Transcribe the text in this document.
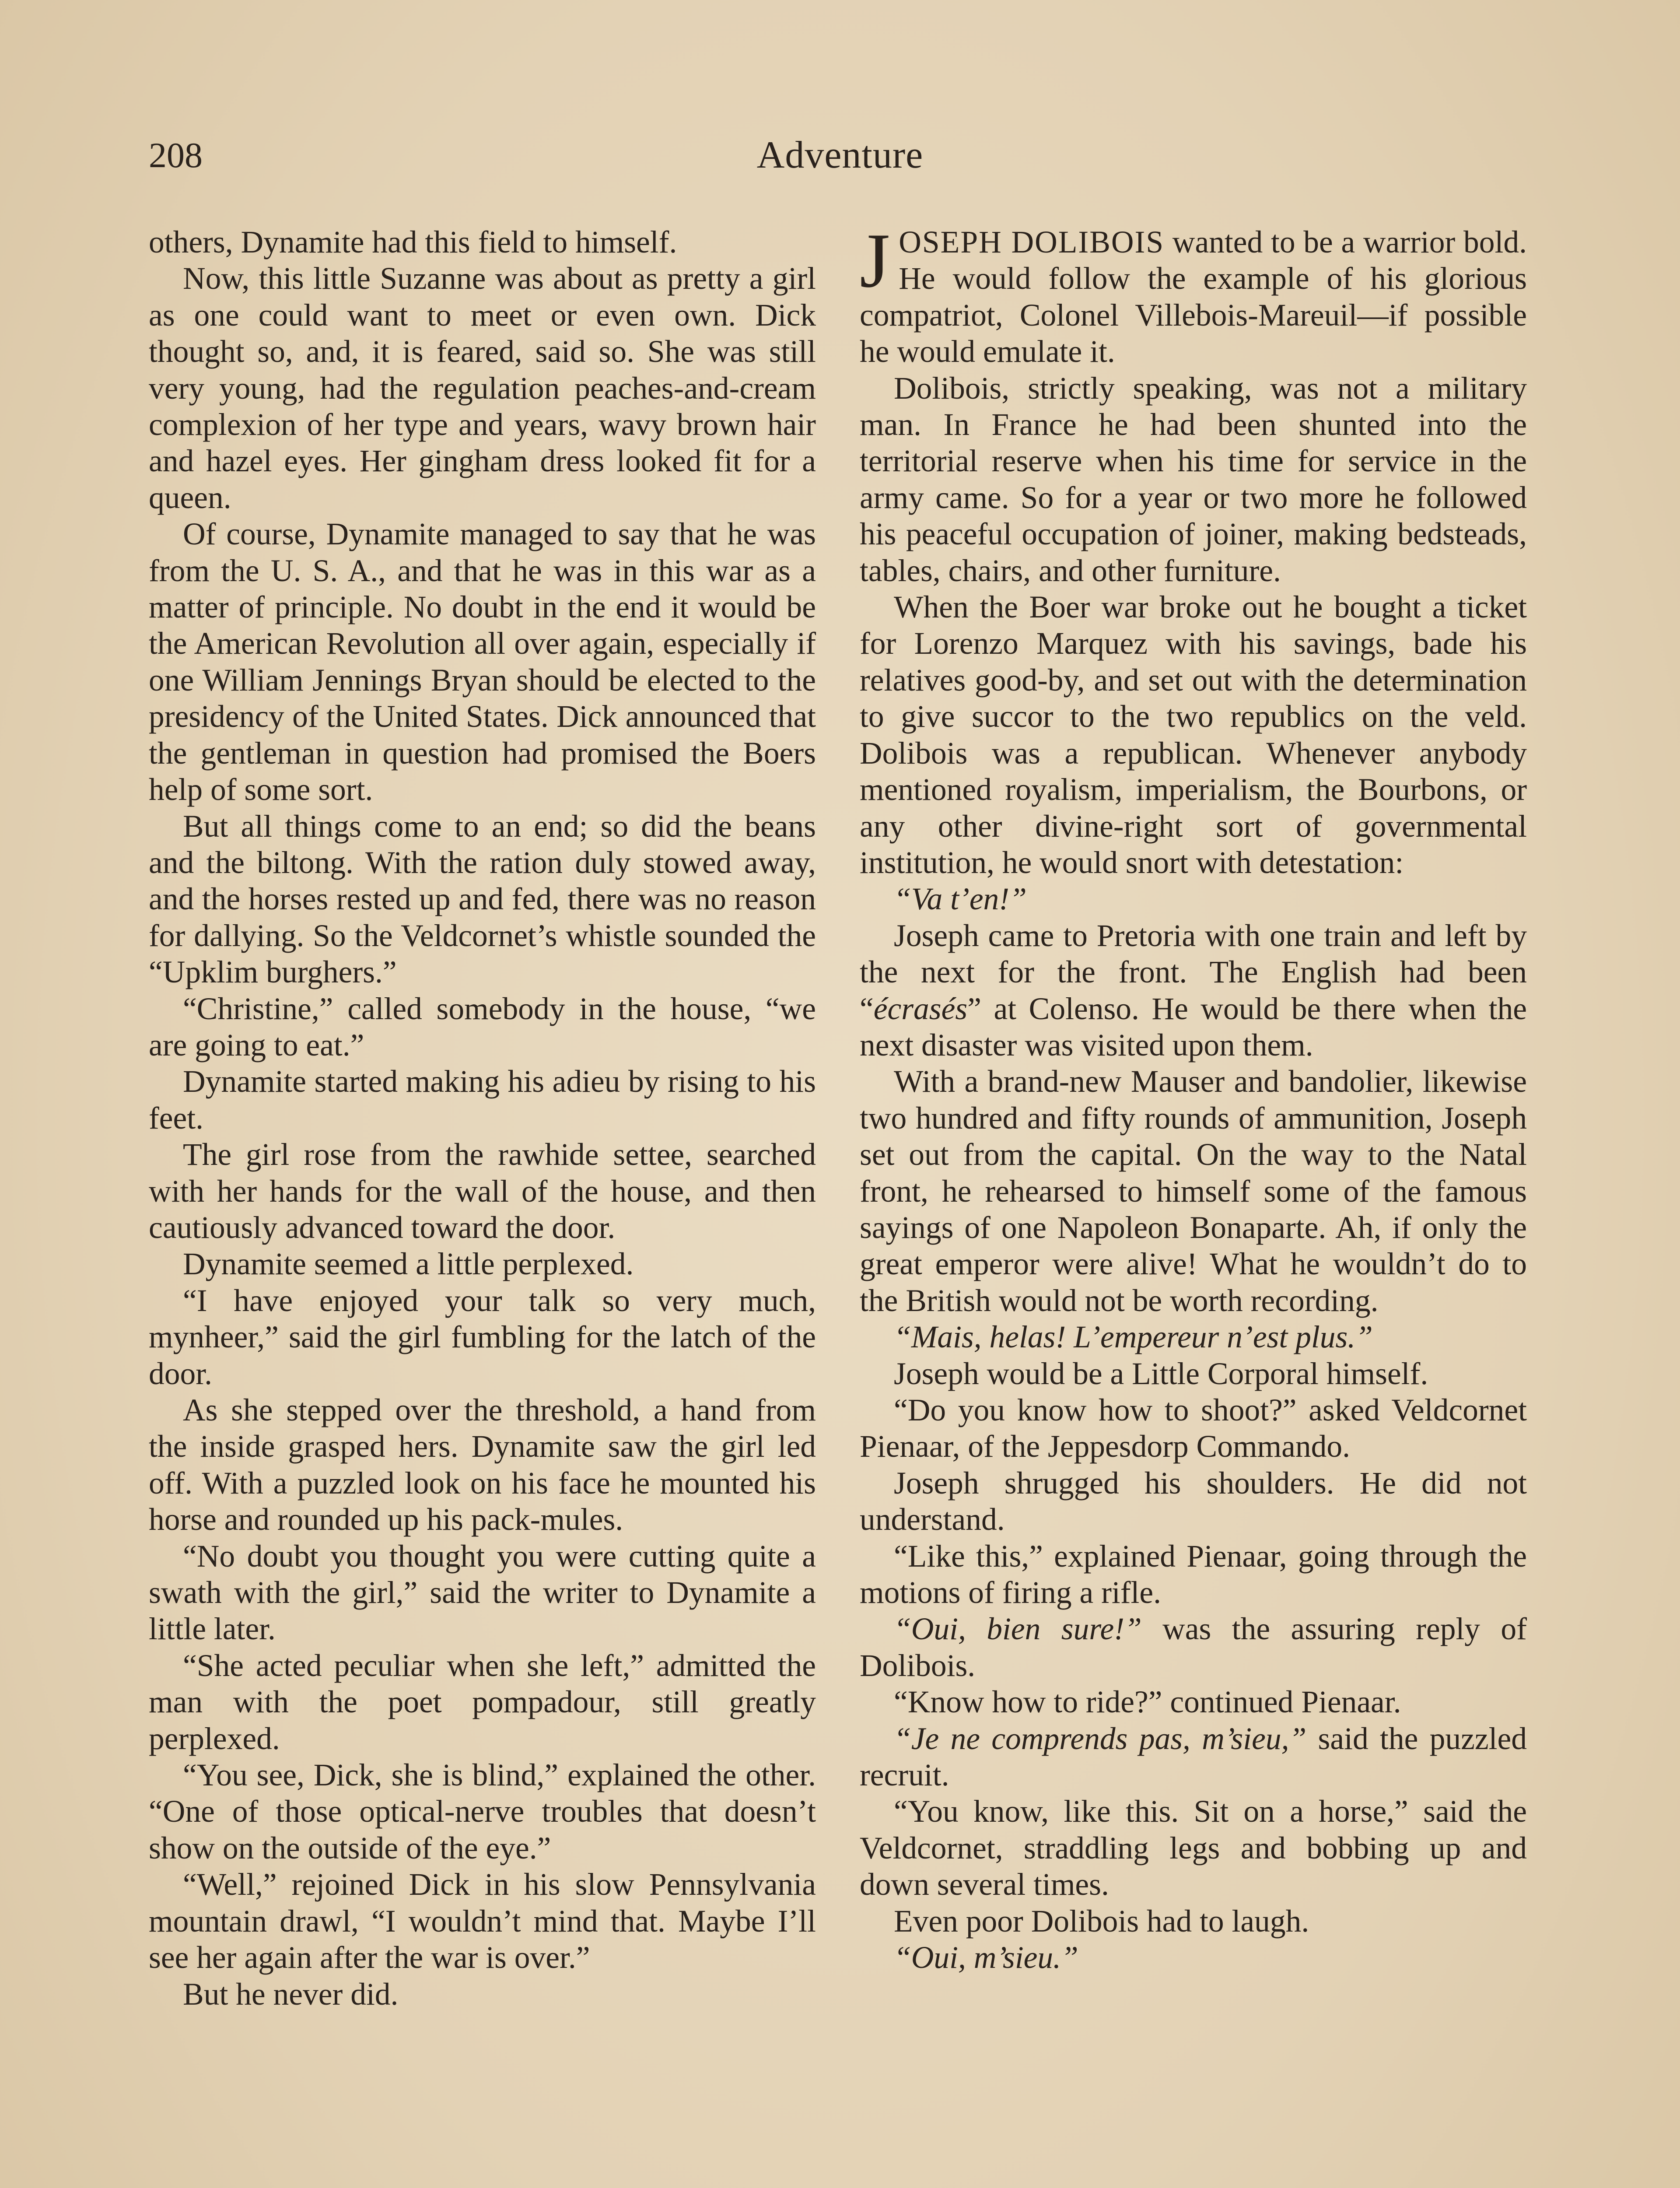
208	Adventure

others, Dynamite had this field to himself.

Now, this little Suzanne was about as pretty a girl as one could want to meet or even own. Dick thought so, and, it is feared, said so. She was still very young, had the regulation peaches-and-cream complexion of her type and years, wavy brown hair and hazel eyes. Her gingham dress looked fit for a queen.

Of course, Dynamite managed to say that he was from the U. S. A., and that he was in this war as a matter of principle. No doubt in the end it would be the American Revolution all over again, especially if one William Jennings Bryan should be elected to the presidency of the United States. Dick announced that the gentleman in question had promised the Boers help of some sort.

But all things come to an end; so did the beans and the biltong. With the ration duly stowed away, and the horses rested up and fed, there was no reason for dallying. So the Veldcornet’s whistle sounded the “Upklim burghers.”

“Christine,” called somebody in the house, “we are going to eat.”

Dynamite started making his adieu by rising to his feet.

The girl rose from the rawhide settee, searched with her hands for the wall of the house, and then cautiously advanced toward the door.

Dynamite seemed a little perplexed.

“I have enjoyed your talk so very much, mynheer,” said the girl fumbling for the latch of the door.

As she stepped over the threshold, a hand from the inside grasped hers. Dynamite saw the girl led off. With a puzzled look on his face he mounted his horse and rounded up his pack-mules.

“No doubt you thought you were cutting quite a swath with the girl,” said the writer to Dynamite a little later.

“She acted peculiar when she left,” admitted the man with the poet pompadour, still greatly perplexed.

“You see, Dick, she is blind,” explained the other. “One of those optical-nerve troubles that doesn’t show on the outside of the eye.”

“Well,” rejoined Dick in his slow Pennsylvania mountain drawl, “I wouldn’t mind that. Maybe I’ll see her again after the war is over.”

But he never did.

JOSEPH DOLIBOIS wanted to be a warrior bold. He would follow the example of his glorious compatriot, Colonel Villebois-Mareuil—if possible he would emulate it.

Dolibois, strictly speaking, was not a military man. In France he had been shunted into the territorial reserve when his time for service in the army came. So for a year or two more he followed his peaceful occupation of joiner, making bedsteads, tables, chairs, and other furniture.

When the Boer war broke out he bought a ticket for Lorenzo Marquez with his savings, bade his relatives good-by, and set out with the determination to give succor to the two republics on the veld. Dolibois was a republican. Whenever anybody mentioned royalism, imperialism, the Bourbons, or any other divine-right sort of governmental institution, he would snort with detestation:

“Va t’en!”

Joseph came to Pretoria with one train and left by the next for the front. The English had been “écrasés” at Colenso. He would be there when the next disaster was visited upon them.

With a brand-new Mauser and bandolier, likewise two hundred and fifty rounds of ammunition, Joseph set out from the capital. On the way to the Natal front, he rehearsed to himself some of the famous sayings of one Napoleon Bonaparte. Ah, if only the great emperor were alive! What he wouldn’t do to the British would not be worth recording.

“Mais, helas! L’empereur n’est plus.”

Joseph would be a Little Corporal himself.

“Do you know how to shoot?” asked Veldcornet Pienaar, of the Jeppesdorp Commando.

Joseph shrugged his shoulders. He did not understand.

“Like this,” explained Pienaar, going through the motions of firing a rifle.

“Oui, bien sure!” was the assuring reply of Dolibois.

“Know how to ride?” continued Pienaar.

“Je ne comprends pas, m’sieu,” said the puzzled recruit.

“You know, like this. Sit on a horse,” said the Veldcornet, straddling legs and bobbing up and down several times.

Even poor Dolibois had to laugh.

“Oui, m’sieu.”
